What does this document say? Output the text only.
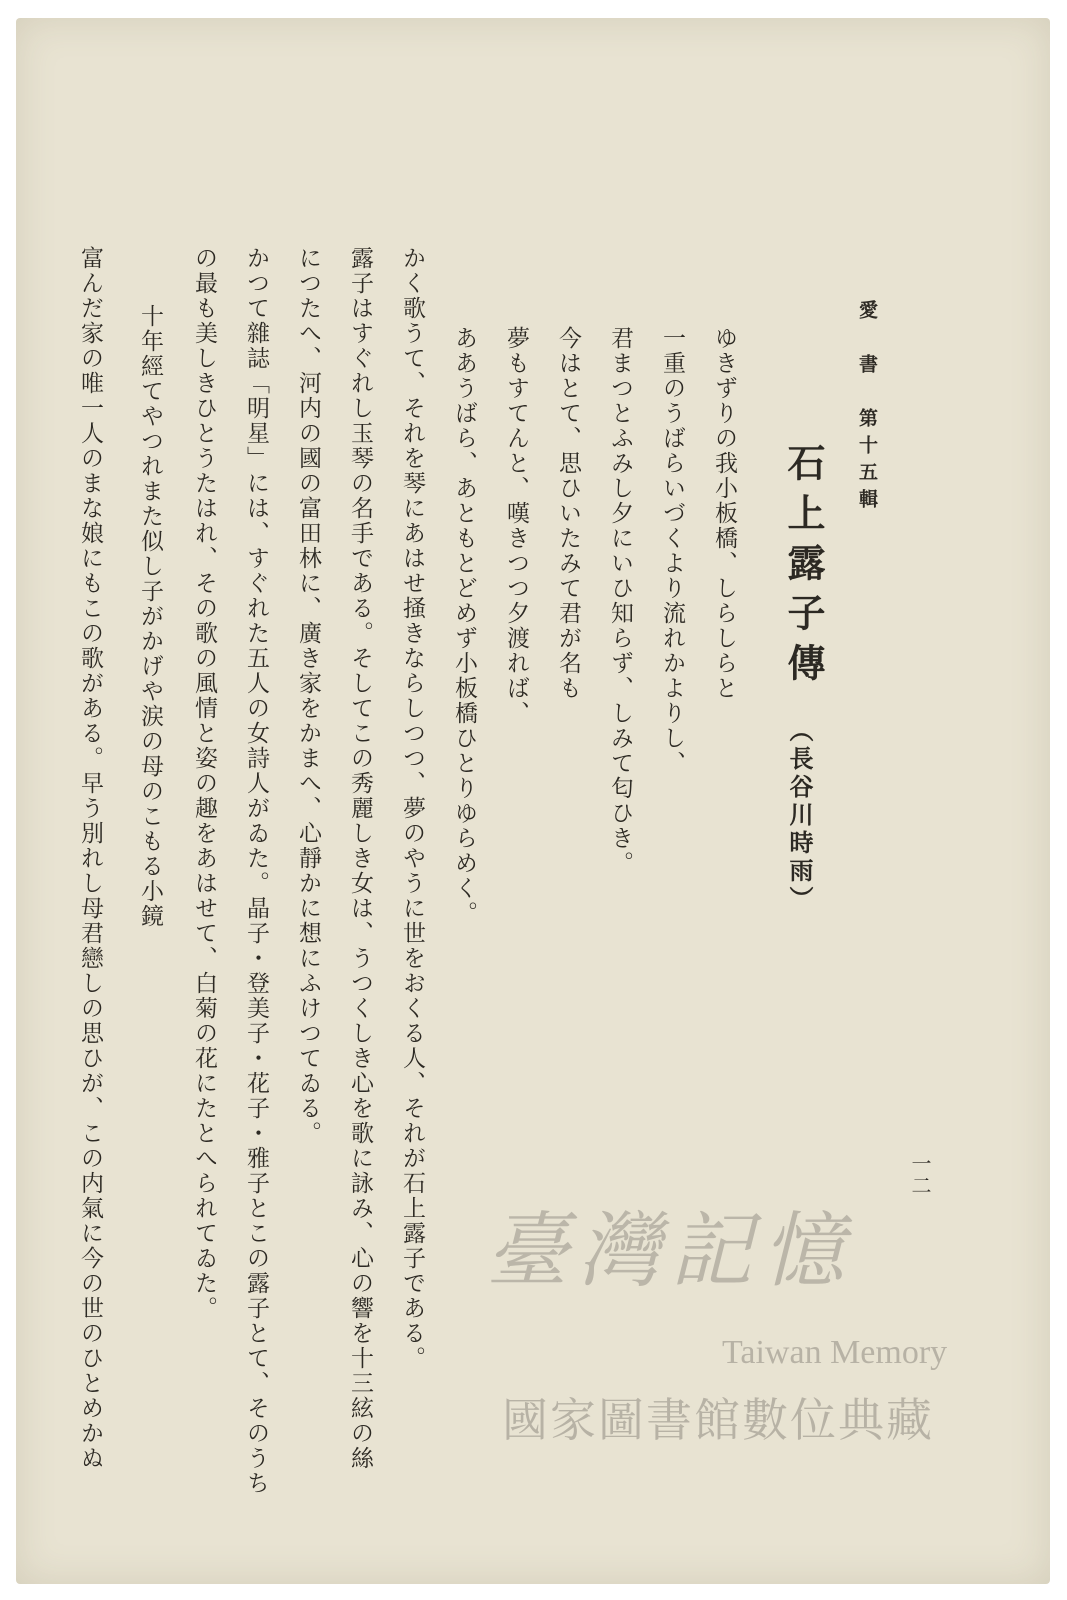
愛　書　第十五輯
一二
石上露子傳
（長谷川時雨）
ゆきずりの我小板橋、しらしらと
一重のうばらいづくより流れかよりし、
君まつとふみし夕にいひ知らず、しみて匂ひき。
今はとて、思ひいたみて君が名も
夢もすてんと、嘆きつつ夕渡れば、
ああうばら、あともとどめず小板橋ひとりゆらめく。
かく歌うて、それを琴にあはせ掻きならしつつ、夢のやうに世をおくる人、それが石上露子である。
露子はすぐれし玉琴の名手である。そしてこの秀麗しき女は、うつくしき心を歌に詠み、心の響を十三絃の絲
につたへ、河内の國の富田林に、廣き家をかまへ、心靜かに想にふけつてゐる。
かつて雜誌「明星」には、すぐれた五人の女詩人がゐた。晶子・登美子・花子・雅子とこの露子とて、そのうち
の最も美しきひとうたはれ、その歌の風情と姿の趣をあはせて、白菊の花にたとへられてゐた。
十年經てやつれまた似し子がかげや涙の母のこもる小鏡
富んだ家の唯一人のまな娘にもこの歌がある。早う別れし母君戀しの思ひが、この内氣に今の世のひとめかぬ	臺灣記憶
Taiwan Memory
國家圖書館數位典藏
